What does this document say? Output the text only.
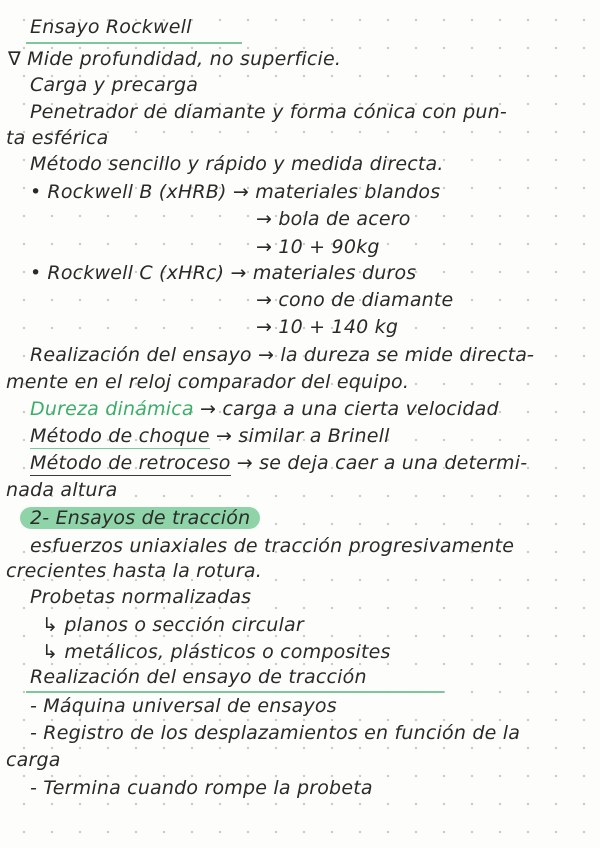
Ensayo Rockwell
∇ Mide profundidad, no superficie.
Carga y precarga
Penetrador de diamante y forma cónica con pun-
ta esférica
Método sencillo y rápido y medida directa.
• Rockwell B (xHRB) → materiales blandos
→ bola de acero
→ 10 + 90kg
• Rockwell C (xHRc) → materiales duros
→ cono de diamante
→ 10 + 140 kg
Realización del ensayo → la dureza se mide directa-
mente en el reloj comparador del equipo.
Dureza dinámica → carga a una cierta velocidad
Método de choque → similar a Brinell
Método de retroceso → se deja caer a una determi-
nada altura
2- Ensayos de tracción
esfuerzos uniaxiales de tracción progresivamente
crecientes hasta la rotura.
Probetas normalizadas
↳ planos o sección circular
↳ metálicos, plásticos o composites
Realización del ensayo de tracción
- Máquina universal de ensayos
- Registro de los desplazamientos en función de la
carga
- Termina cuando rompe la probeta
